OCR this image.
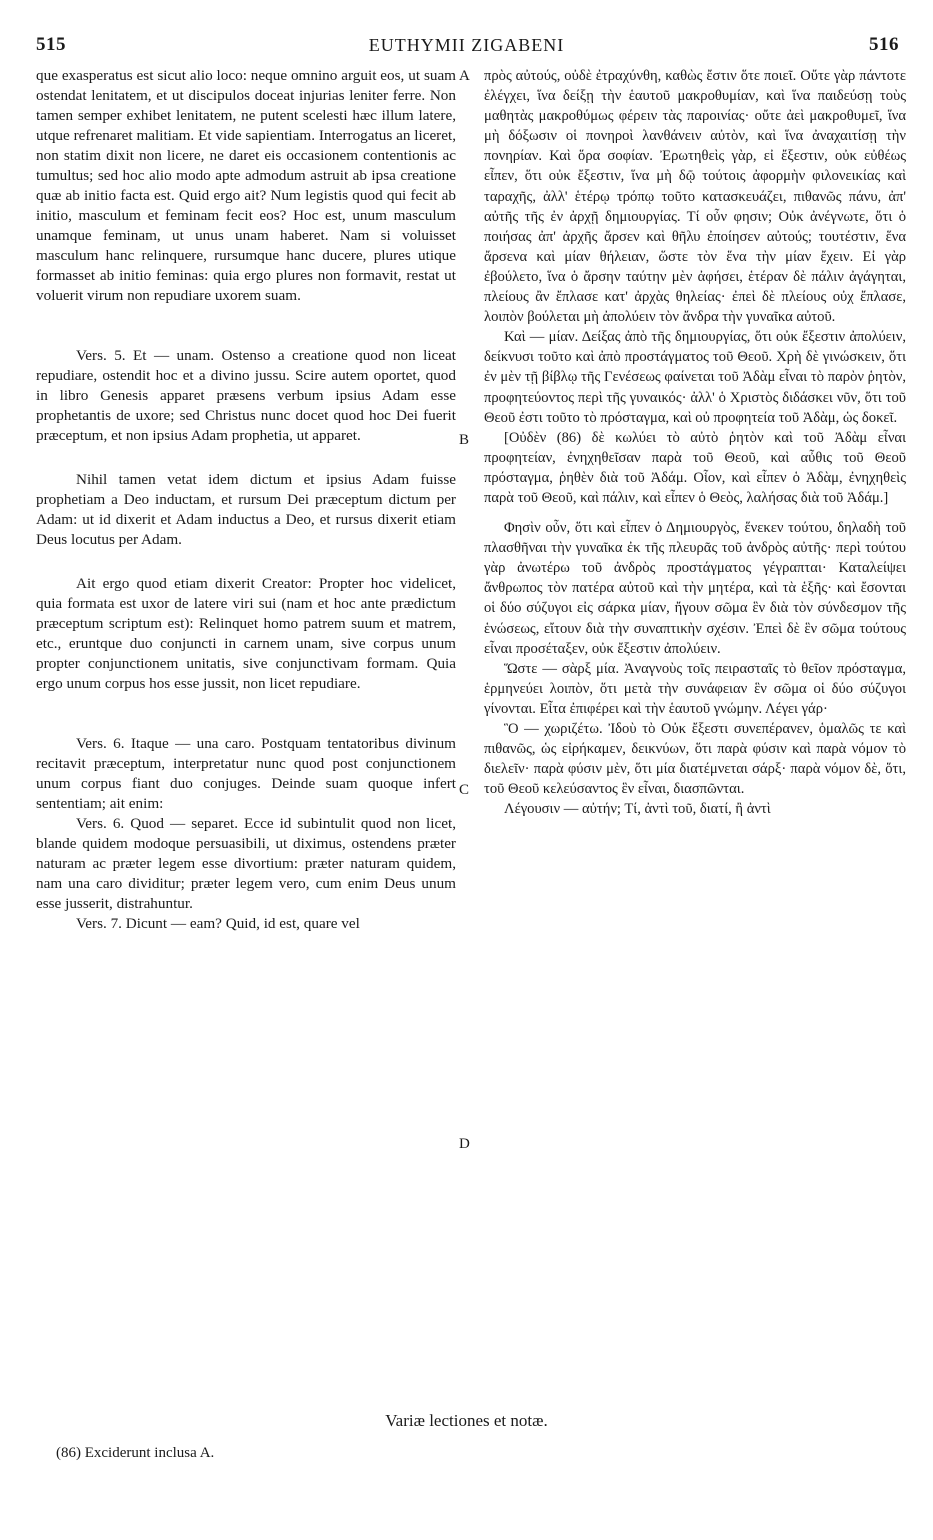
515	EUTHYMII ZIGABENI	516

que exasperatus est sicut alio loco: neque omnino arguit eos, ut suam ostendat lenitatem, et ut discipulos doceat injurias leniter ferre. Non tamen semper exhibet lenitatem, ne putent scelesti hæc illum latere, utque refrenaret malitiam. Et vide sapientiam. Interrogatus an liceret, non statim dixit non licere, ne daret eis occasionem contentionis ac tumultus; sed hoc alio modo apte admodum astruit ab ipsa creatione quæ ab initio facta est. Quid ergo ait? Num legistis quod qui fecit ab initio, masculum et feminam fecit eos? Hoc est, unum masculum unamque feminam, ut unus unam haberet. Nam si voluisset masculum hanc relinquere, rursumque hanc ducere, plures utique formasset ab initio feminas: quia ergo plures non formavit, restat ut voluerit virum non repudiare uxorem suam.

Vers. 5. Et — unam. Ostenso a creatione quod non liceat repudiare, ostendit hoc et a divino jussu. Scire autem oportet, quod in libro Genesis apparet præsens verbum ipsius Adam esse prophetantis de uxore; sed Christus nunc docet quod hoc Dei fuerit præceptum, et non ipsius Adam prophetia, ut apparet.

Nihil tamen vetat idem dictum et ipsius Adam fuisse prophetiam a Deo inductam, et rursum Dei præceptum dictum per Adam: ut id dixerit et Adam inductus a Deo, et rursus dixerit etiam Deus locutus per Adam.

Ait ergo quod etiam dixerit Creator: Propter hoc videlicet, quia formata est uxor de latere viri sui (nam et hoc ante prædictum præceptum scriptum est): Relinquet homo patrem suum et matrem, etc., eruntque duo conjuncti in carnem unam, sive corpus unum propter conjunctionem unitatis, sive conjunctivam formam. Quia ergo unum corpus hos esse jussit, non licet repudiare.

Vers. 6. Itaque — una caro. Postquam tentatoribus divinum recitavit præceptum, interpretatur nunc quod post conjunctionem unum corpus fiant duo conjuges. Deinde suam quoque infert sententiam; ait enim:

Vers. 6. Quod — separet. Ecce id subintulit quod non licet, blande quidem modoque persuasibili, ut diximus, ostendens præter naturam ac præter legem esse divortium: præter naturam quidem, nam una caro dividitur; præter legem vero, cum enim Deus unum esse jusserit, distrahuntur.

Vers. 7. Dicunt — eam? Quid, id est, quare vel

A
B
C
D

πρὸς αὐτούς, οὐδὲ ἐτραχύνθη, καθὼς ἔστιν ὅτε ποιεῖ. Οὔτε γὰρ πάντοτε ἐλέγχει, ἵνα δείξῃ τὴν ἑαυτοῦ μακροθυμίαν, καὶ ἵνα παιδεύσῃ τοὺς μαθητὰς μακροθύμως φέρειν τὰς παροινίας· οὔτε ἀεὶ μακροθυμεῖ, ἵνα μὴ δόξωσιν οἱ πονηροὶ λανθάνειν αὐτὸν, καὶ ἵνα ἀναχαιτίσῃ τὴν πονηρίαν. Καὶ ὅρα σοφίαν. Ἐρωτηθεὶς γὰρ, εἰ ἔξεστιν, οὐκ εὐθέως εἶπεν, ὅτι οὐκ ἔξεστιν, ἵνα μὴ δῷ τούτοις ἀφορμὴν φιλονεικίας καὶ ταραχῆς, ἀλλ' ἑτέρῳ τρόπῳ τοῦτο κατασκευάζει, πιθανῶς πάνυ, ἀπ' αὐτῆς τῆς ἐν ἀρχῇ δημιουργίας. Τί οὖν φησιν; Οὐκ ἀνέγνωτε, ὅτι ὁ ποιήσας ἀπ' ἀρχῆς ἄρσεν καὶ θῆλυ ἐποίησεν αὐτούς; τουτέστιν, ἕνα ἄρσενα καὶ μίαν θήλειαν, ὥστε τὸν ἕνα τὴν μίαν ἔχειν. Εἰ γὰρ ἐβούλετο, ἵνα ὁ ἄρσην ταύτην μὲν ἀφήσει, ἑτέραν δὲ πάλιν ἀγάγηται, πλείους ἂν ἔπλασε κατ' ἀρχὰς θηλείας· ἐπεὶ δὲ πλείους οὐχ ἔπλασε, λοιπὸν βούλεται μὴ ἀπολύειν τὸν ἄνδρα τὴν γυναῖκα αὐτοῦ.

Καὶ — μίαν. Δείξας ἀπὸ τῆς δημιουργίας, ὅτι οὐκ ἔξεστιν ἀπολύειν, δείκνυσι τοῦτο καὶ ἀπὸ προστάγματος τοῦ Θεοῦ. Χρὴ δὲ γινώσκειν, ὅτι ἐν μὲν τῇ βίβλῳ τῆς Γενέσεως φαίνεται τοῦ Ἀδὰμ εἶναι τὸ παρὸν ῥητὸν, προφητεύοντος περὶ τῆς γυναικός· ἀλλ' ὁ Χριστὸς διδάσκει νῦν, ὅτι τοῦ Θεοῦ ἐστι τοῦτο τὸ πρόσταγμα, καὶ οὐ προφητεία τοῦ Ἀδὰμ, ὡς δοκεῖ.

[Οὐδὲν (86) δὲ κωλύει τὸ αὐτὸ ῥητὸν καὶ τοῦ Ἀδὰμ εἶναι προφητείαν, ἐνηχηθεῖσαν παρὰ τοῦ Θεοῦ, καὶ αὖθις τοῦ Θεοῦ πρόσταγμα, ῥηθὲν διὰ τοῦ Ἀδάμ. Οἷον, καὶ εἶπεν ὁ Ἀδὰμ, ἐνηχηθεὶς παρὰ τοῦ Θεοῦ, καὶ πάλιν, καὶ εἶπεν ὁ Θεὸς, λαλήσας διὰ τοῦ Ἀδάμ.]

Φησὶν οὖν, ὅτι καὶ εἶπεν ὁ Δημιουργὸς, ἕνεκεν τούτου, δηλαδὴ τοῦ πλασθῆναι τὴν γυναῖκα ἐκ τῆς πλευρᾶς τοῦ ἀνδρὸς αὐτῆς· περὶ τούτου γὰρ ἀνωτέρω τοῦ ἀνδρὸς προστάγματος γέγραπται· Καταλείψει ἄνθρωπος τὸν πατέρα αὐτοῦ καὶ τὴν μητέρα, καὶ τὰ ἑξῆς· καὶ ἔσονται οἱ δύο σύζυγοι εἰς σάρκα μίαν, ἤγουν σῶμα ἓν διὰ τὸν σύνδεσμον τῆς ἑνώσεως, εἴτουν διὰ τὴν συναπτικὴν σχέσιν. Ἐπεὶ δὲ ἓν σῶμα τούτους εἶναι προσέταξεν, οὐκ ἔξεστιν ἀπολύειν.

Ὥστε — σὰρξ μία. Ἀναγνοὺς τοῖς πειρασταῖς τὸ θεῖον πρόσταγμα, ἑρμηνεύει λοιπὸν, ὅτι μετὰ τὴν συνάφειαν ἓν σῶμα οἱ δύο σύζυγοι γίνονται. Εἶτα ἐπιφέρει καὶ τὴν ἑαυτοῦ γνώμην. Λέγει γάρ·

Ὃ — χωριζέτω. Ἰδοὺ τὸ Οὐκ ἔξεστι συνεπέρανεν, ὁμαλῶς τε καὶ πιθανῶς, ὡς εἰρήκαμεν, δεικνύων, ὅτι παρὰ φύσιν καὶ παρὰ νόμον τὸ διελεῖν· παρὰ φύσιν μὲν, ὅτι μία διατέμνεται σάρξ· παρὰ νόμον δὲ, ὅτι, τοῦ Θεοῦ κελεύσαντος ἓν εἶναι, διασπῶνται.

Λέγουσιν — αὐτήν; Τί, ἀντὶ τοῦ, διατί, ἢ ἀντὶ

Variæ lectiones et notæ.
(86) Exciderunt inclusa A.
